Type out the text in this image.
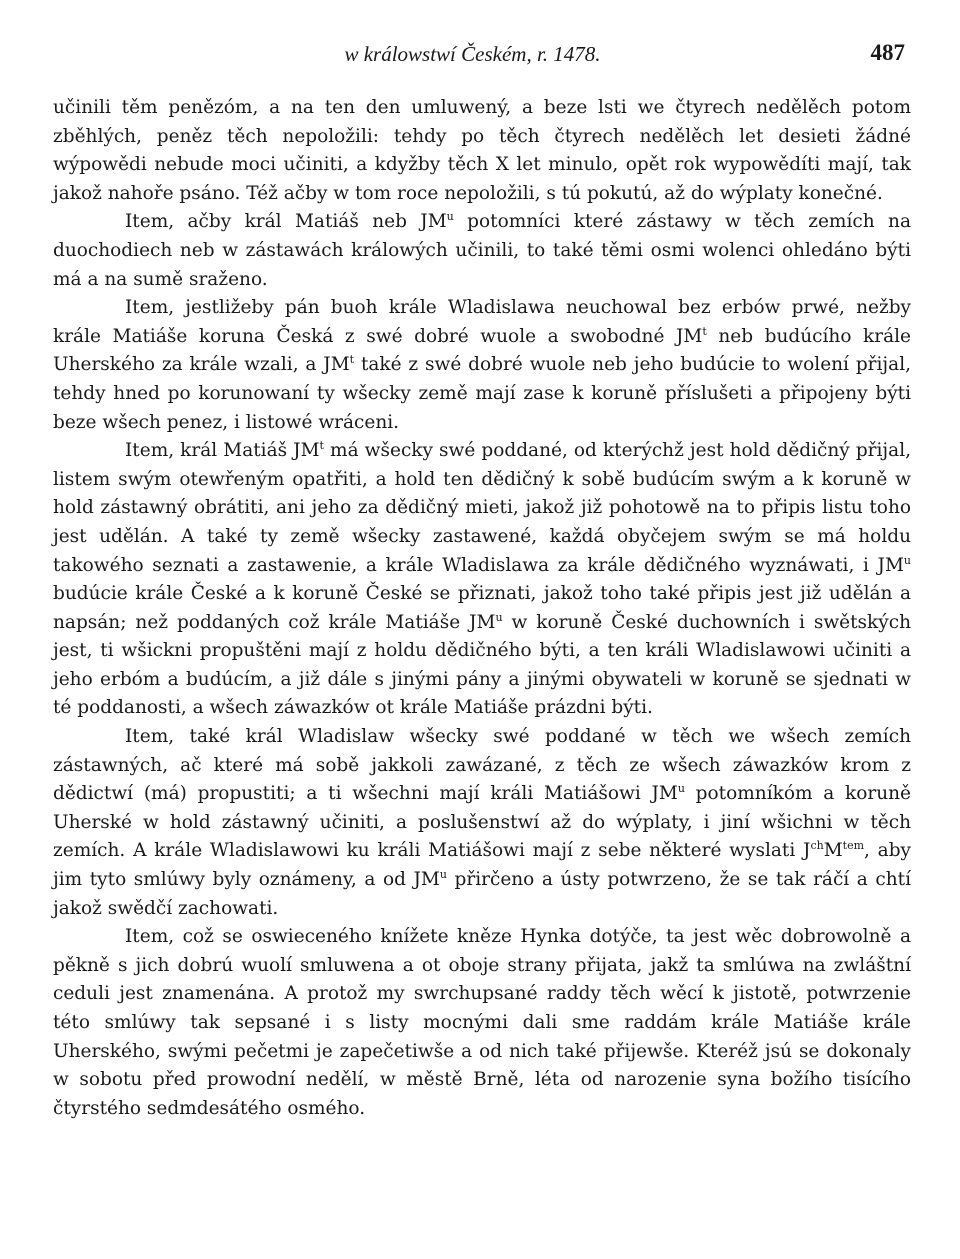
w králowstwí Českém, r. 1478.	487

učinili těm penězóm, a na ten den umluwený, a beze lsti we čtyrech nedělěch potom zběhlých, peněz těch nepoložili: tehdy po těch čtyrech nedělěch let desieti žádné wýpowědi nebude moci učiniti, a kdyžby těch X let minulo, opět rok wypowědíti mají, tak jakož nahoře psáno. Též ačby w tom roce nepoložili, s tú pokutú, až do wýplaty konečné.

Item, ačby král Matiáš neb $JM^u$ potomníci které zástawy w těch zemích na duochodiech neb w zástawách králowých učinili, to také těmi osmi wolenci ohledáno býti má a na sumě sraženo.

Item, jestližeby pán buoh krále Wladislawa neuchowal bez erbów prwé, nežby krále Matiáše koruna Česká z swé dobré wuole a swobodné $JM^t$ neb budúcího krále Uherského za krále wzali, a $JM^t$ také z swé dobré wuole neb jeho budúcie to wolení přijal, tehdy hned po korunowaní ty wšecky země mají zase k koruně příslušeti a připojeny býti beze wšech penez, i listowé wráceni.

Item, král Matiáš $JM^t$ má wšecky swé poddané, od kterýchž jest hold dědičný přijal, listem swým otewřeným opatřiti, a hold ten dědičný k sobě budúcím swým a k koruně w hold zástawný obrátiti, ani jeho za dědičný mieti, jakož již pohotowě na to připis listu toho jest udělán. A také ty země wšecky zastawené, každá obyčejem swým se má holdu takowého seznati a zastawenie, a krále Wladislawa za krále dědičného wyznáwati, i $JM^u$ budúcie krále České a k koruně České se přiznati, jakož toho také připis jest již udělán a napsán; než poddaných což krále Matiáše $JM^u$ w koruně České duchowních i swětských jest, ti wšickni propuštěni mají z holdu dědičného býti, a ten králi Wladislawowi učiniti a jeho erbóm a budúcím, a již dále s jinými pány a jinými obywateli w koruně se sjednati w té poddanosti, a wšech záwazków ot krále Matiáše prázdni býti.

Item, také král Wladislaw wšecky swé poddané w těch we wšech zemích zástawných, ač které má sobě jakkoli zawázané, z těch ze wšech záwazków krom z dědictwí (má) propustiti; a ti wšechni mají králi Matiášowi $JM^u$ potomníkóm a koruně Uherské w hold zástawný učiniti, a poslušenstwí až do wýplaty, i jiní wšichni w těch zemích. A krále Wladislawowi ku králi Matiášowi mají z sebe některé wyslati $J^{ch}M^{tem}$, aby jim tyto smlúwy byly oznámeny, a od $JM^u$ přirčeno a ústy potwrzeno, že se tak ráčí a chtí jakož swědčí zachowati.

Item, což se oswieceného knížete kněze Hynka dotýče, ta jest wěc dobrowolně a pěkně s jich dobrú wuolí smluwena a ot oboje strany přijata, jakž ta smlúwa na zwláštní ceduli jest znamenána. A protož my swrchupsané raddy těch wěcí k jistotě, potwrzenie této smlúwy tak sepsané i s listy mocnými dali sme raddám krále Matiáše krále Uherského, swými pečetmi je zapečetiwše a od nich také přijewše. Kteréž jsú se dokonaly w sobotu před prowodní nedělí, w městě Brně, léta od narozenie syna božího tisícího čtyrstého sedmdesátého osmého.
